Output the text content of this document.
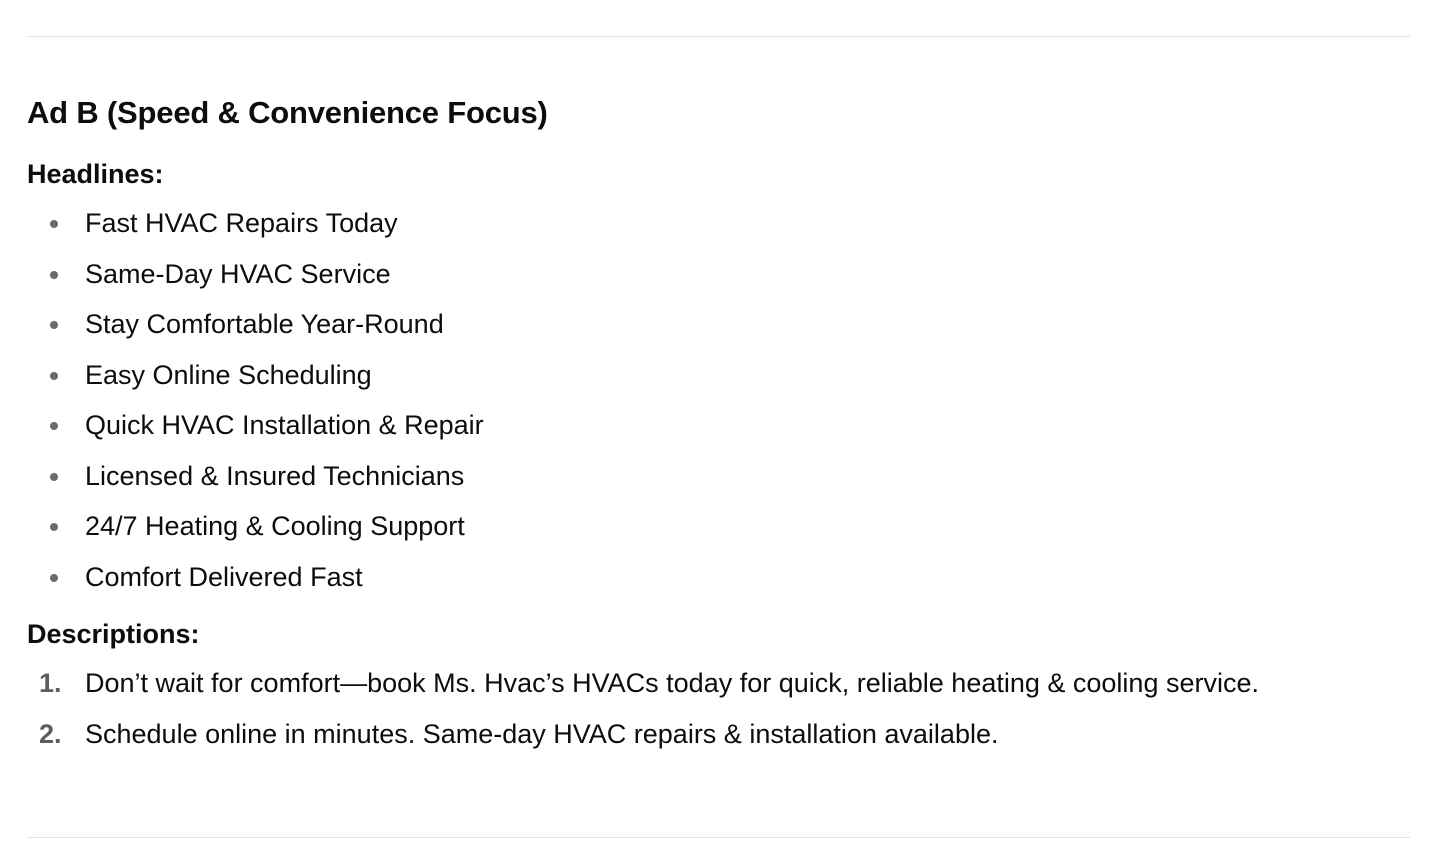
Ad B (Speed & Convenience Focus)
Headlines:
Fast HVAC Repairs Today
Same-Day HVAC Service
Stay Comfortable Year-Round
Easy Online Scheduling
Quick HVAC Installation & Repair
Licensed & Insured Technicians
24/7 Heating & Cooling Support
Comfort Delivered Fast
Descriptions:
1. Don’t wait for comfort—book Ms. Hvac’s HVACs today for quick, reliable heating & cooling service.
2. Schedule online in minutes. Same-day HVAC repairs & installation available.
